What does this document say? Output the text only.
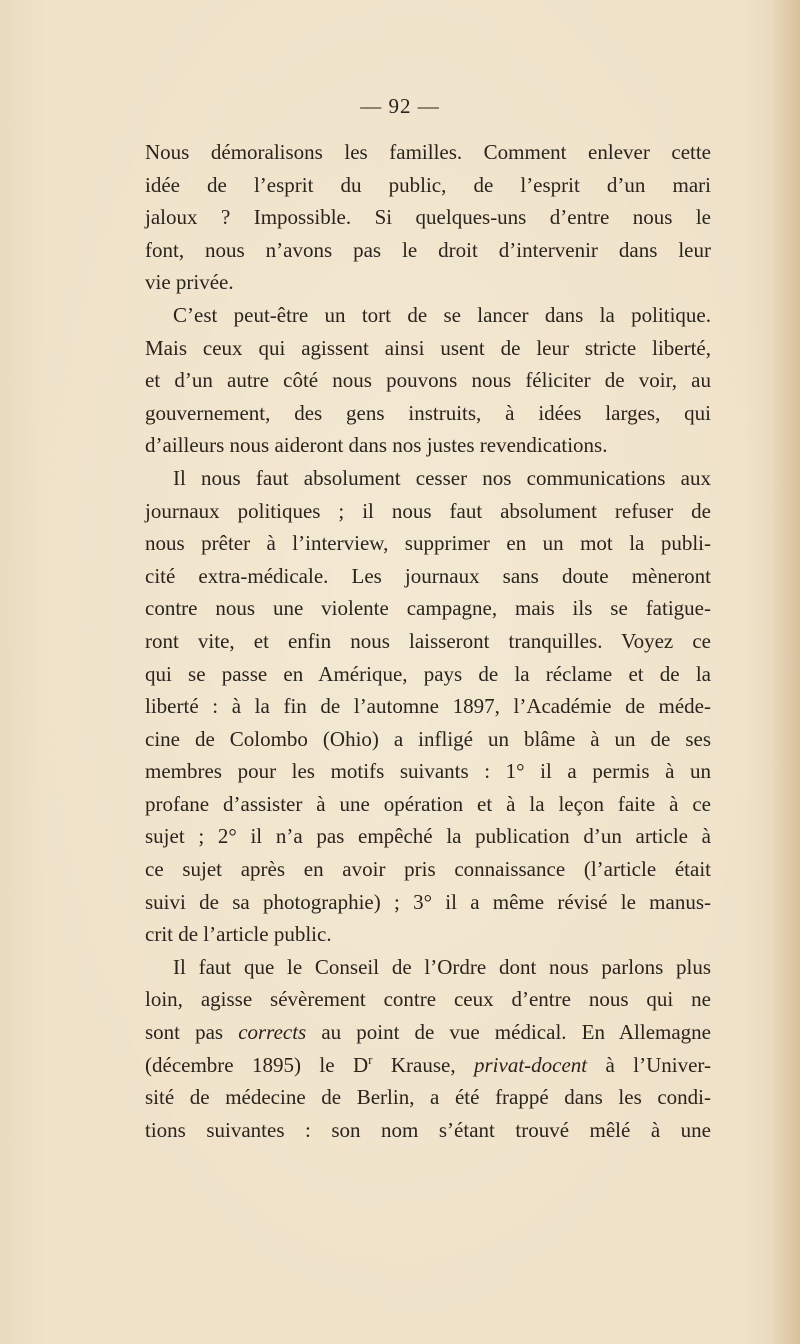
— 92 —
Nous démoralisons les familles. Comment enlever cette
idée de l’esprit du public, de l’esprit d’un mari
jaloux ? Impossible. Si quelques-uns d’entre nous le
font, nous n’avons pas le droit d’intervenir dans leur
vie privée.
C’est peut-être un tort de se lancer dans la politique.
Mais ceux qui agissent ainsi usent de leur stricte liberté,
et d’un autre côté nous pouvons nous féliciter de voir, au
gouvernement, des gens instruits, à idées larges, qui
d’ailleurs nous aideront dans nos justes revendications.
Il nous faut absolument cesser nos communications aux
journaux politiques ; il nous faut absolument refuser de
nous prêter à l’interview, supprimer en un mot la publi-
cité extra-médicale. Les journaux sans doute mèneront
contre nous une violente campagne, mais ils se fatigue-
ront vite, et enfin nous laisseront tranquilles. Voyez ce
qui se passe en Amérique, pays de la réclame et de la
liberté : à la fin de l’automne 1897, l’Académie de méde-
cine de Colombo (Ohio) a infligé un blâme à un de ses
membres pour les motifs suivants : 1° il a permis à un
profane d’assister à une opération et à la leçon faite à ce
sujet ; 2° il n’a pas empêché la publication d’un article à
ce sujet après en avoir pris connaissance (l’article était
suivi de sa photographie) ; 3° il a même révisé le manus-
crit de l’article public.
Il faut que le Conseil de l’Ordre dont nous parlons plus
loin, agisse sévèrement contre ceux d’entre nous qui ne
sont pas corrects au point de vue médical. En Allemagne
(décembre 1895) le $D^r$ Krause, privat-docent à l’Univer-
sité de médecine de Berlin, a été frappé dans les condi-
tions suivantes : son nom s’étant trouvé mêlé à une
